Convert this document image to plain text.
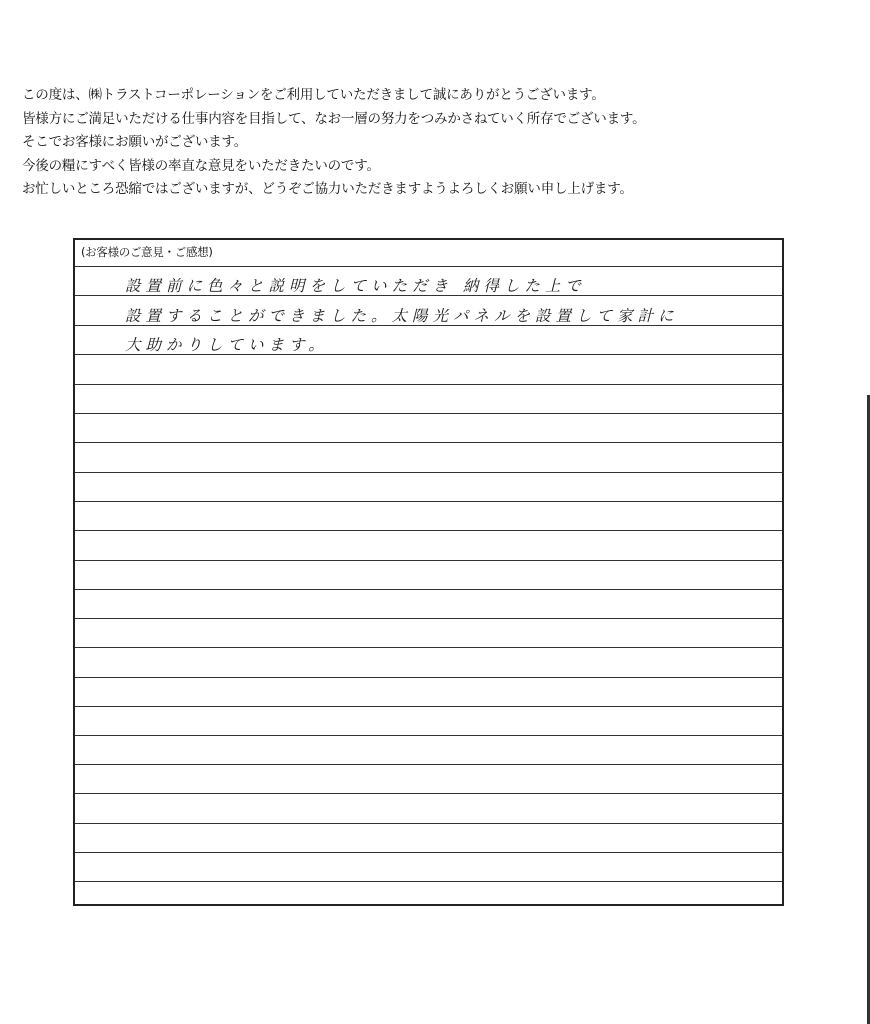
この度は、㈱トラストコーポレーションをご利用していただきまして誠にありがとうございます。
皆様方にご満足いただける仕事内容を目指して、なお一層の努力をつみかさねていく所存でございます。
そこでお客様にお願いがございます。
今後の糧にすべく皆様の率直な意見をいただきたいのです。
お忙しいところ恐縮ではございますが、どうぞご協力いただきますようよろしくお願い申し上げます。
(お客様のご意見・ご感想)
設置前に色々と説明をしていただき 納得した上で
設置することができました。太陽光パネルを設置して家計に
大助かりしています。
